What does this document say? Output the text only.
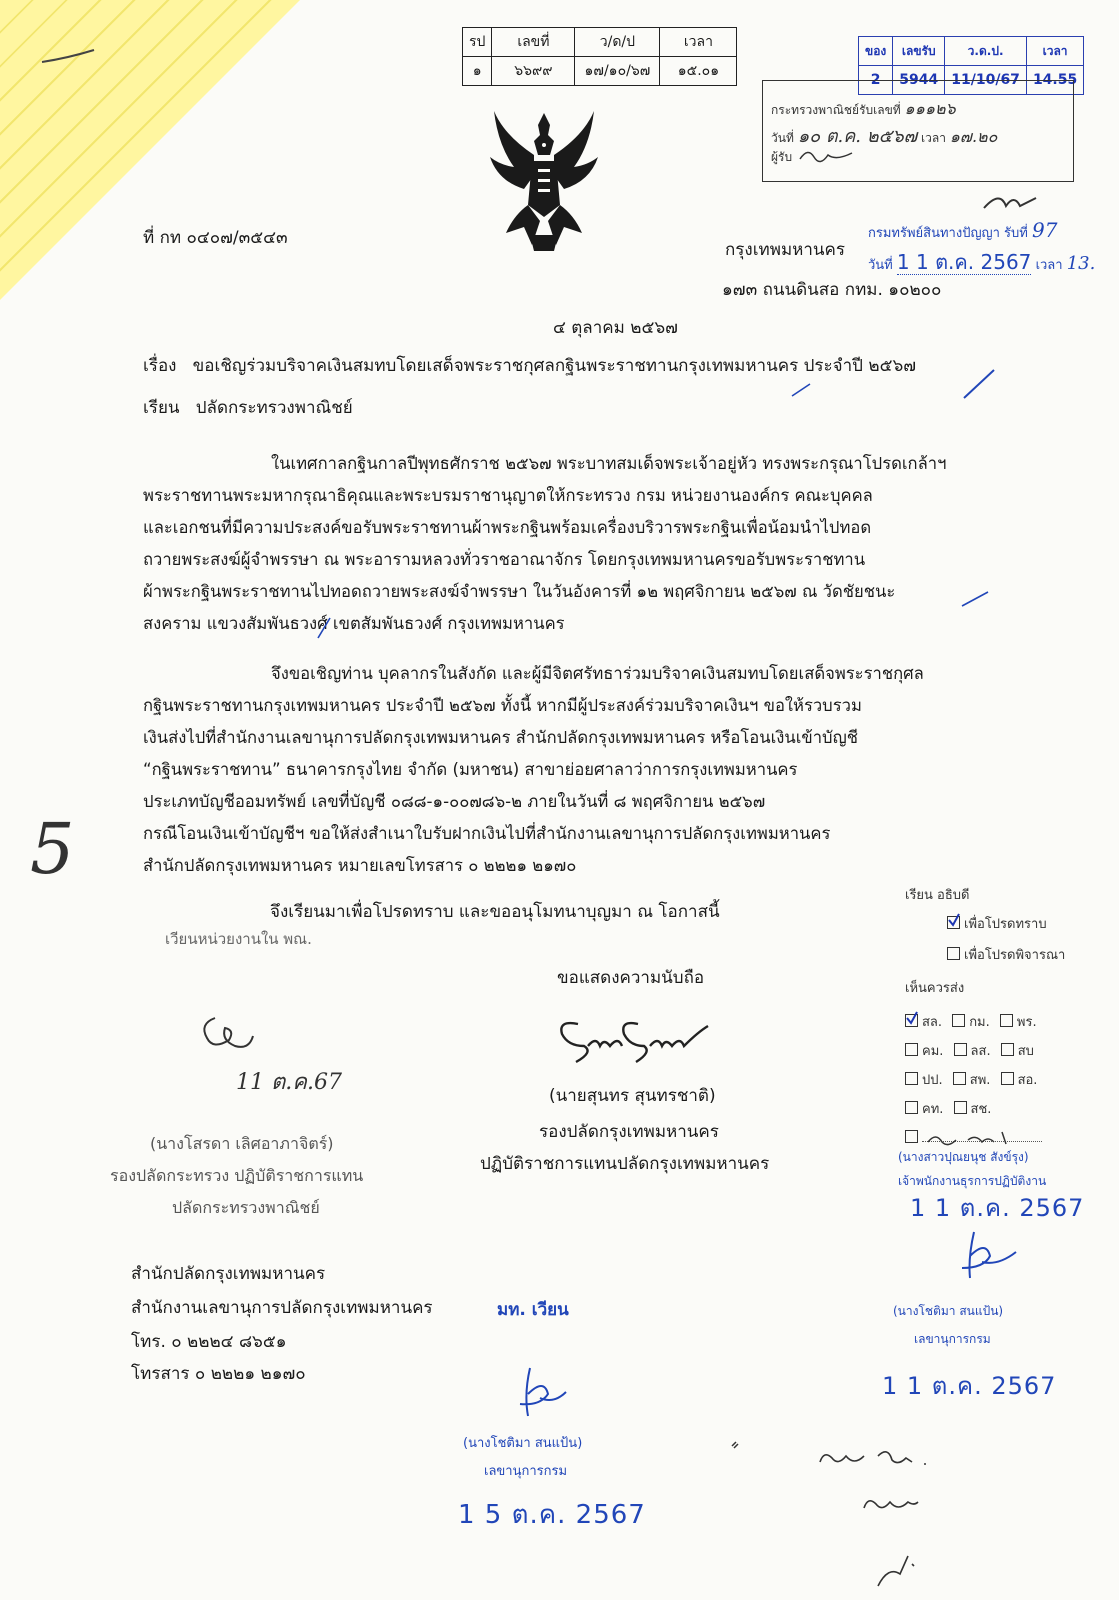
รป	เลขที่	ว/ด/ป	เวลา
๑	๖๖๙๙	๑๗/๑๐/๖๗	๑๕.๐๑
ของ	เลขรับ	ว.ด.ป.	เวลา
2	5944	11/10/67	14.55
กระทรวงพาณิชย์รับเลขที่ ๑๑๑๒๖
วันที่ ๑๐ ต.ค. ๒๕๖๗ เวลา ๑๗.๒๐
ผู้รับ
ที่ กท ๐๔๐๗/๓๕๔๓
กรุงเทพมหานคร
๑๗๓ ถนนดินสอ กทม. ๑๐๒๐๐
กรมทรัพย์สินทางปัญญา รับที่ 97
วันที่ 1 1 ต.ค. 2567 เวลา 13.
๔ ตุลาคม ๒๕๖๗
เรื่อง ขอเชิญร่วมบริจาคเงินสมทบโดยเสด็จพระราชกุศลกฐินพระราชทานกรุงเทพมหานคร ประจำปี ๒๕๖๗
เรียน ปลัดกระทรวงพาณิชย์
ในเทศกาลกฐินกาลปีพุทธศักราช ๒๕๖๗ พระบาทสมเด็จพระเจ้าอยู่หัว ทรงพระกรุณาโปรดเกล้าฯ
พระราชทานพระมหากรุณาธิคุณและพระบรมราชานุญาตให้กระทรวง กรม หน่วยงานองค์กร คณะบุคคล
และเอกชนที่มีความประสงค์ขอรับพระราชทานผ้าพระกฐินพร้อมเครื่องบริวารพระกฐินเพื่อน้อมนำไปทอด
ถวายพระสงฆ์ผู้จำพรรษา ณ พระอารามหลวงทั่วราชอาณาจักร โดยกรุงเทพมหานครขอรับพระราชทาน
ผ้าพระกฐินพระราชทานไปทอดถวายพระสงฆ์จำพรรษา ในวันอังคารที่ ๑๒ พฤศจิกายน ๒๕๖๗ ณ วัดชัยชนะ
สงคราม แขวงสัมพันธวงศ์ เขตสัมพันธวงศ์ กรุงเทพมหานคร
จึงขอเชิญท่าน บุคลากรในสังกัด และผู้มีจิตศรัทธาร่วมบริจาคเงินสมทบโดยเสด็จพระราชกุศล
กฐินพระราชทานกรุงเทพมหานคร ประจำปี ๒๕๖๗ ทั้งนี้ หากมีผู้ประสงค์ร่วมบริจาคเงินฯ ขอให้รวบรวม
เงินส่งไปที่สำนักงานเลขานุการปลัดกรุงเทพมหานคร สำนักปลัดกรุงเทพมหานคร หรือโอนเงินเข้าบัญชี
“กฐินพระราชทาน” ธนาคารกรุงไทย จำกัด (มหาชน) สาขาย่อยศาลาว่าการกรุงเทพมหานคร
ประเภทบัญชีออมทรัพย์ เลขที่บัญชี ๐๘๘-๑-๐๐๗๘๖-๒ ภายในวันที่ ๘ พฤศจิกายน ๒๕๖๗
กรณีโอนเงินเข้าบัญชีฯ ขอให้ส่งสำเนาใบรับฝากเงินไปที่สำนักงานเลขานุการปลัดกรุงเทพมหานคร
สำนักปลัดกรุงเทพมหานคร หมายเลขโทรสาร ๐ ๒๒๒๑ ๒๑๗๐
5
จึงเรียนมาเพื่อโปรดทราบ และขออนุโมทนาบุญมา ณ โอกาสนี้
เวียนหน่วยงานใน พณ.
ขอแสดงความนับถือ
(นายสุนทร สุนทรชาติ)
รองปลัดกรุงเทพมหานคร
ปฏิบัติราชการแทนปลัดกรุงเทพมหานคร
11 ต.ค.67
(นางโสรดา เลิศอาภาจิตร์)
รองปลัดกระทรวง ปฏิบัติราชการแทน
ปลัดกระทรวงพาณิชย์
สำนักปลัดกรุงเทพมหานคร
สำนักงานเลขานุการปลัดกรุงเทพมหานคร
โทร. ๐ ๒๒๒๔ ๘๖๕๑
โทรสาร ๐ ๒๒๒๑ ๒๑๗๐
มท. เวียน
(นางโชติมา สนแป้น)
เลขานุการกรม
1 5 ต.ค. 2567
เรียน อธิบดี
เพื่อโปรดทราบ
เพื่อโปรดพิจารณา
เห็นควรส่ง
สล. กม. พร.
คม. ลส. สบ
ปป. สพ. สอ.
คท. สช.
(นางสาวปุณยนุช สังข์รุง)
เจ้าพนักงานธุรการปฏิบัติงาน
1 1 ต.ค. 2567
(นางโชติมา สนแป้น)
เลขานุการกรม
1 1 ต.ค. 2567
